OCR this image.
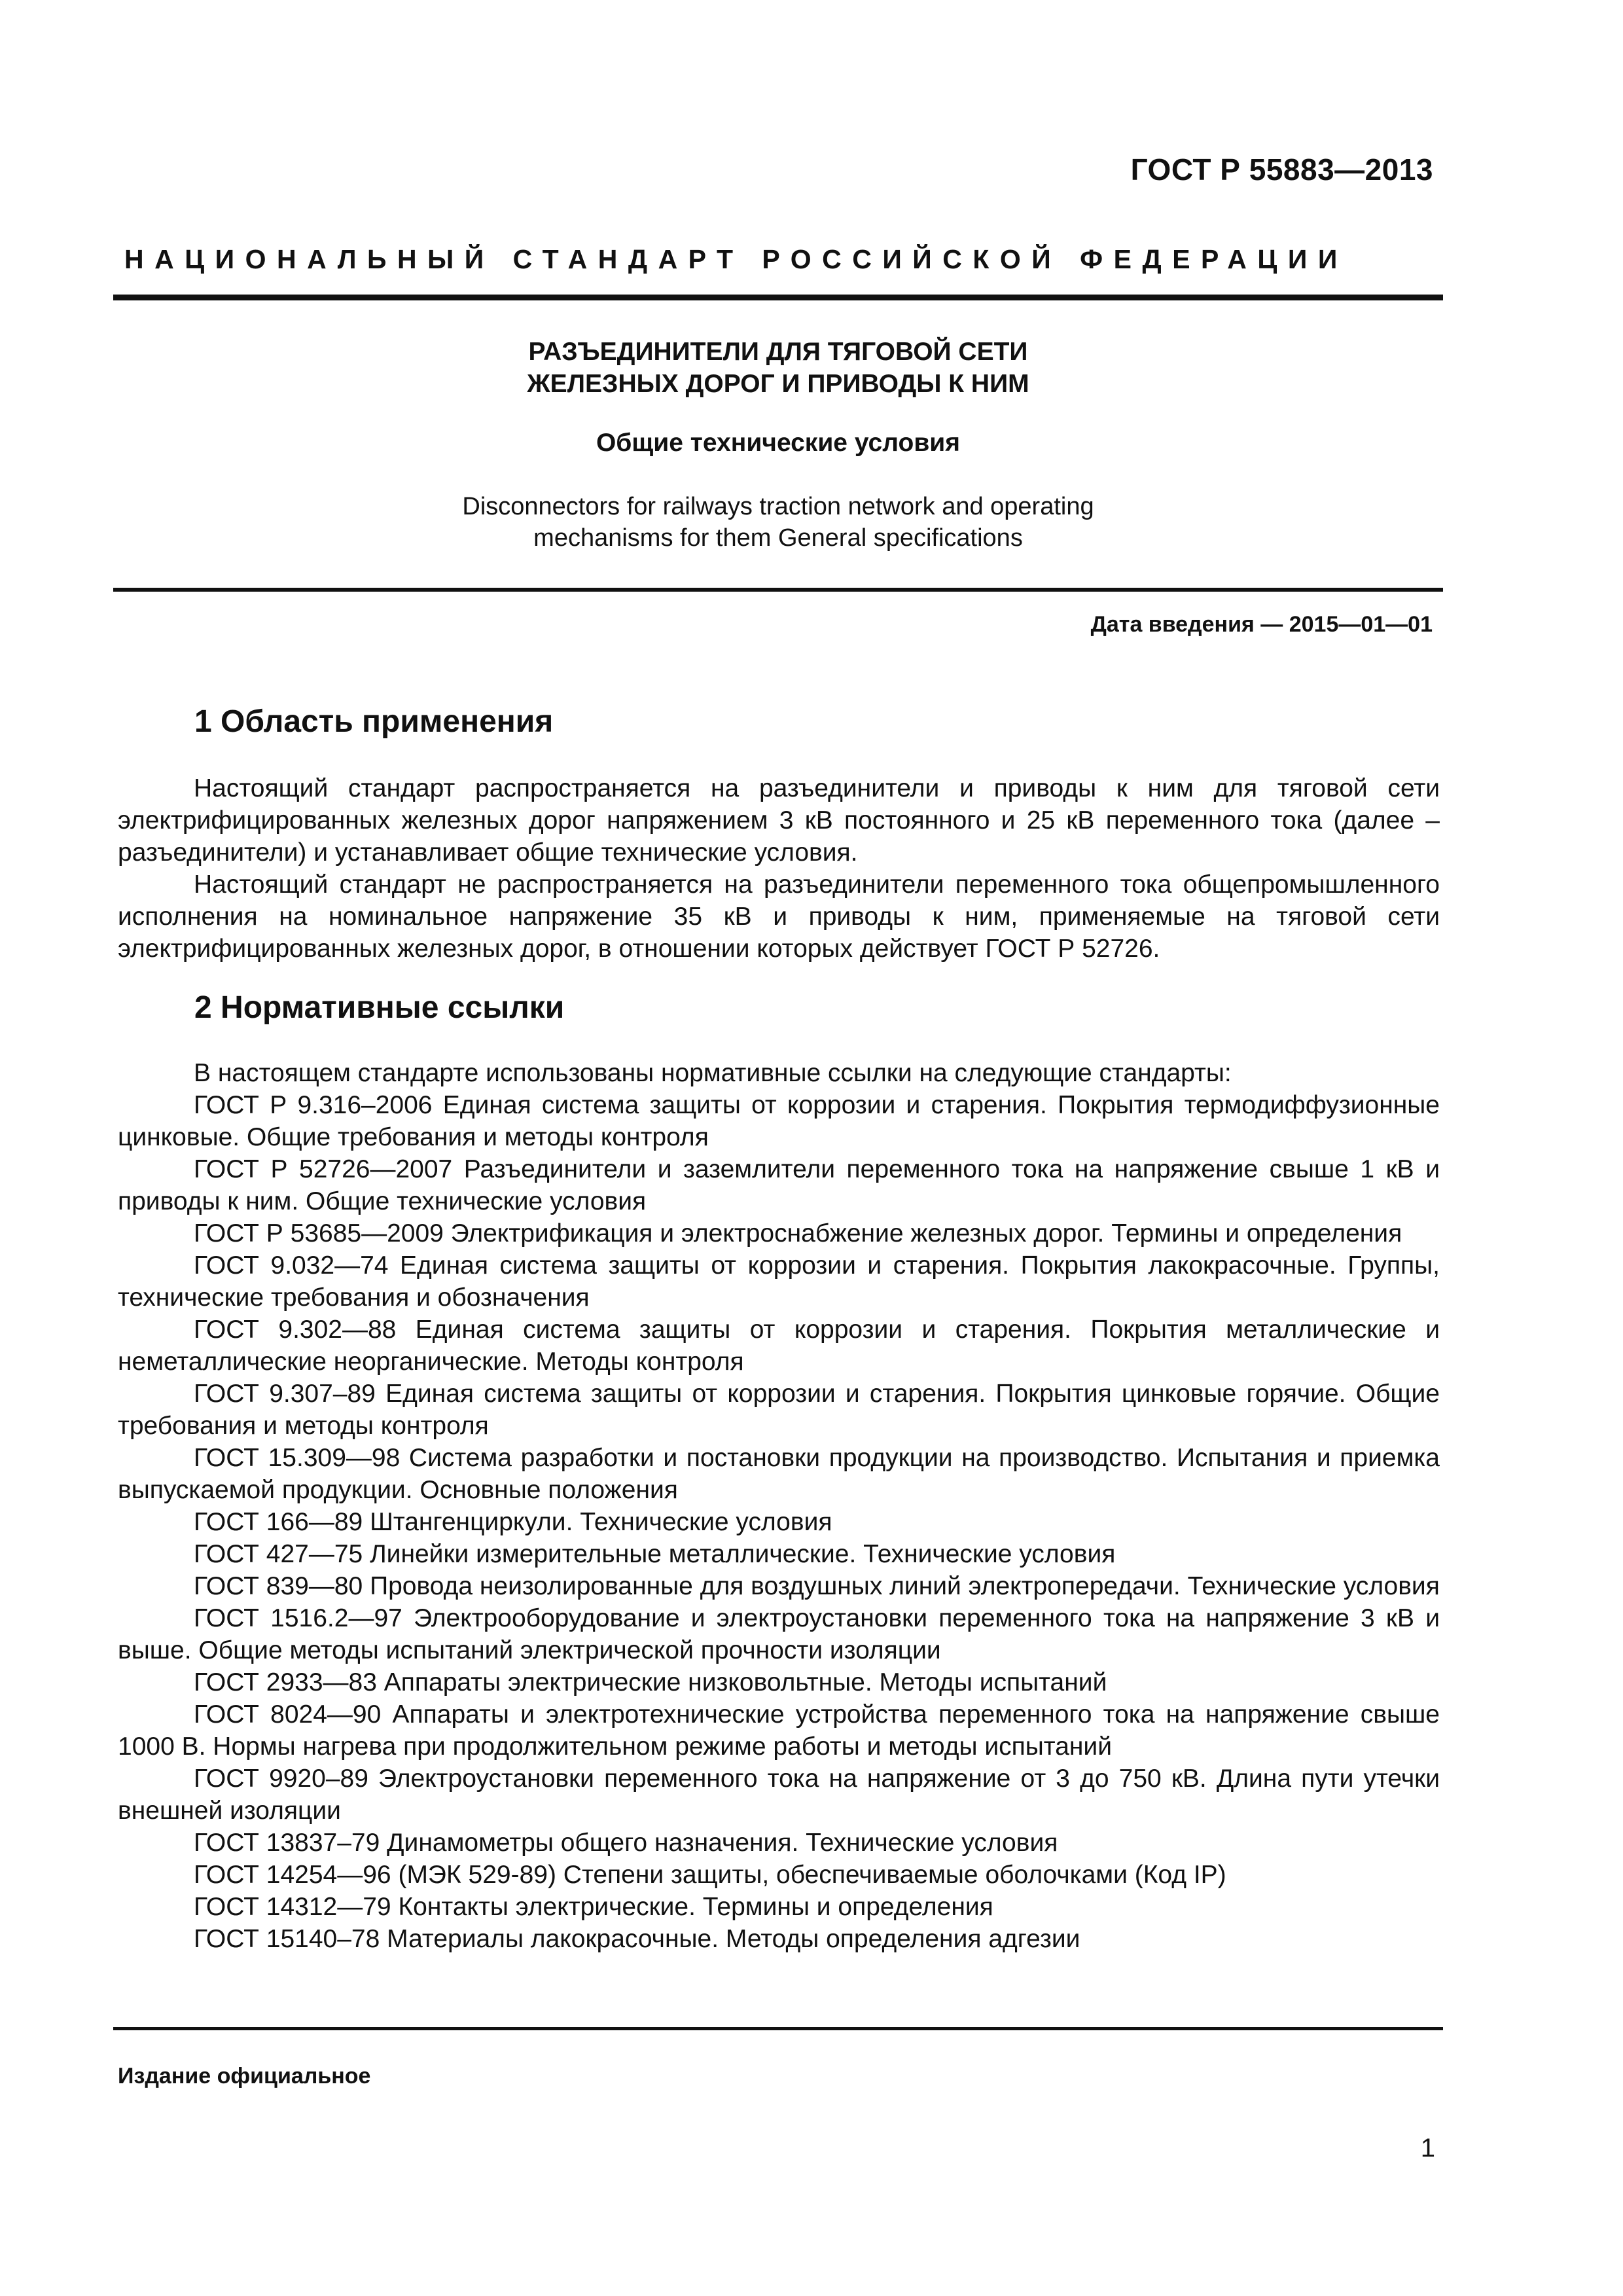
ГОСТ Р 55883—2013
НАЦИОНАЛЬНЫЙ СТАНДАРТ РОССИЙСКОЙ ФЕДЕРАЦИИ
РАЗЪЕДИНИТЕЛИ ДЛЯ ТЯГОВОЙ СЕТИ
ЖЕЛЕЗНЫХ ДОРОГ И ПРИВОДЫ К НИМ
Общие технические условия
Disconnectors for railways traction network and operating
mechanisms for them General specifications
Дата введения — 2015—01—01
1 Область применения

Настоящий стандарт распространяется на разъединители и приводы к ним для тяговой сети электрифицированных железных дорог напряжением 3 кВ постоянного и 25 кВ переменного тока (далее – разъединители) и устанавливает общие технические условия.

Настоящий стандарт не распространяется на разъединители переменного тока общепромышленного исполнения на номинальное напряжение 35 кВ и приводы к ним, применяемые на тяговой сети электрифицированных железных дорог, в отношении которых действует ГОСТ Р 52726.

2 Нормативные ссылки

В настоящем стандарте использованы нормативные ссылки на следующие стандарты:

ГОСТ Р 9.316–2006 Единая система защиты от коррозии и старения. Покрытия термодиффузионные цинковые. Общие требования и методы контроля

ГОСТ Р 52726—2007 Разъединители и заземлители переменного тока на напряжение свыше 1 кВ и приводы к ним. Общие технические условия

ГОСТ Р 53685—2009 Электрификация и электроснабжение железных дорог. Термины и определения

ГОСТ 9.032—74 Единая система защиты от коррозии и старения. Покрытия лакокрасочные. Группы, технические требования и обозначения

ГОСТ 9.302—88 Единая система защиты от коррозии и старения. Покрытия металлические и неметаллические неорганические. Методы контроля

ГОСТ 9.307–89 Единая система защиты от коррозии и старения. Покрытия цинковые горячие. Общие требования и методы контроля

ГОСТ 15.309—98 Система разработки и постановки продукции на производство. Испытания и приемка выпускаемой продукции. Основные положения

ГОСТ 166—89 Штангенциркули. Технические условия

ГОСТ 427—75 Линейки измерительные металлические. Технические условия

ГОСТ 839—80 Провода неизолированные для воздушных линий электропередачи. Технические условия

ГОСТ 1516.2—97 Электрооборудование и электроустановки переменного тока на напряжение 3 кВ и выше. Общие методы испытаний электрической прочности изоляции

ГОСТ 2933—83 Аппараты электрические низковольтные. Методы испытаний

ГОСТ 8024—90 Аппараты и электротехнические устройства переменного тока на напряжение свыше 1000 В. Нормы нагрева при продолжительном режиме работы и методы испытаний

ГОСТ 9920–89 Электроустановки переменного тока на напряжение от 3 до 750 кВ. Длина пути утечки внешней изоляции

ГОСТ 13837–79 Динамометры общего назначения. Технические условия

ГОСТ 14254—96 (МЭК 529-89) Степени защиты, обеспечиваемые оболочками (Код IP)

ГОСТ 14312—79 Контакты электрические. Термины и определения

ГОСТ 15140–78 Материалы лакокрасочные. Методы определения адгезии

Издание официальное
1
